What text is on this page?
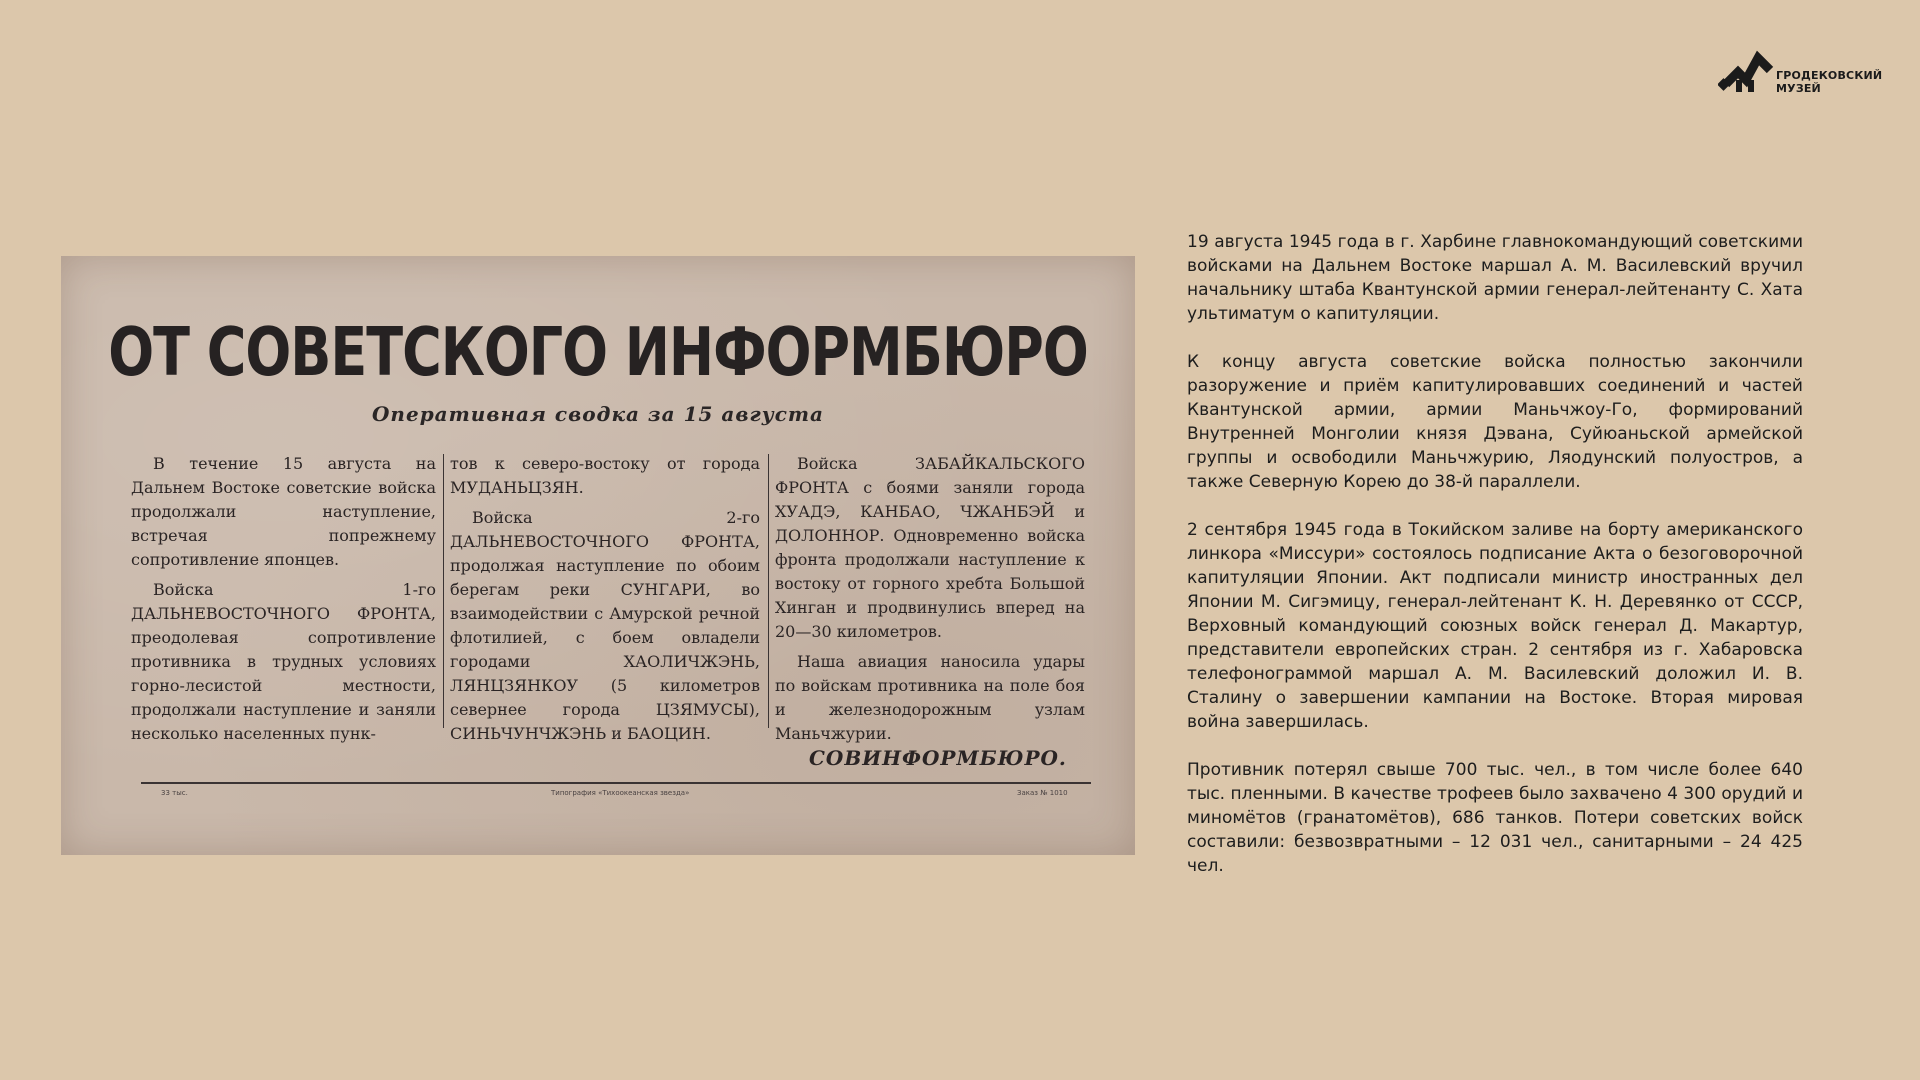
ГРОДЕКОВСКИЙ
МУЗЕЙ
ОТ СОВЕТСКОГО ИНФОРМБЮРО
Оперативная сводка за 15 августа

В течение 15 августа на Дальнем Востоке советские войска продолжали наступление, встречая попрежнему сопротивление японцев.

Войска 1-го ДАЛЬНЕВОСТОЧНОГО ФРОНТА, преодолевая сопротивление противника в трудных условиях горно-лесистой местности, продолжали наступление и заняли несколько населенных пунк-

тов к северо-востоку от города МУДАНЬЦЗЯН.

Войска 2-го ДАЛЬНЕВОСТОЧНОГО ФРОНТА, продолжая наступление по обоим берегам реки СУНГАРИ, во взаимодействии с Амурской речной флотилией, с боем овладели городами ХАОЛИЧЖЭНЬ, ЛЯНЦЗЯНКОУ (5 километров севернее города ЦЗЯМУСЫ), СИНЬЧУНЧЖЭНЬ и БАОЦИН.

Войска ЗАБАЙКАЛЬСКОГО ФРОНТА с боями заняли города ХУАДЭ, КАНБАО, ЧЖАНБЭЙ и ДОЛОННОР. Одновременно войска фронта продолжали наступление к востоку от горного хребта Большой Хинган и продвинулись вперед на 20—30 километров.

Наша авиация наносила удары по войскам противника на поле боя и железнодорожным узлам Маньчжурии.

СОВИНФОРМБЮРО.
33 тыс.	Типография «Тихоокеанская звезда»	Заказ № 1010

19 августа 1945 года в г. Харбине главнокомандующий советскими войсками на Дальнем Востоке маршал А. М. Василевский вручил начальнику штаба Квантунской армии генерал-лейтенанту С. Хата ультиматум о капитуляции.

К концу августа советские войска полностью закончили разоружение и приём капитулировавших соединений и частей Квантунской армии, армии Маньчжоу-Го, формирований Внутренней Монголии князя Дэвана, Суйюаньской армейской группы и освободили Маньчжурию, Ляодунский полуостров, а также Северную Корею до 38-й параллели.

2 сентября 1945 года в Токийском заливе на борту американского линкора «Миссури» состоялось подписание Акта о безоговорочной капитуляции Японии. Акт подписали министр иностранных дел Японии М. Сигэмицу, генерал-лейтенант К. Н. Деревянко от СССР, Верховный командующий союзных войск генерал Д. Макартур, представители европейских стран. 2 сентября из г. Хабаровска телефонограммой маршал А. М. Василевский доложил И. В. Сталину о завершении кампании на Востоке. Вторая мировая война завершилась.

Противник потерял свыше 700 тыс. чел., в том числе более 640 тыс. пленными. В качестве трофеев было захвачено 4 300 орудий и миномётов (гранатомётов), 686 танков. Потери советских войск составили: безвозвратными – 12 031 чел., санитарными – 24 425 чел.
